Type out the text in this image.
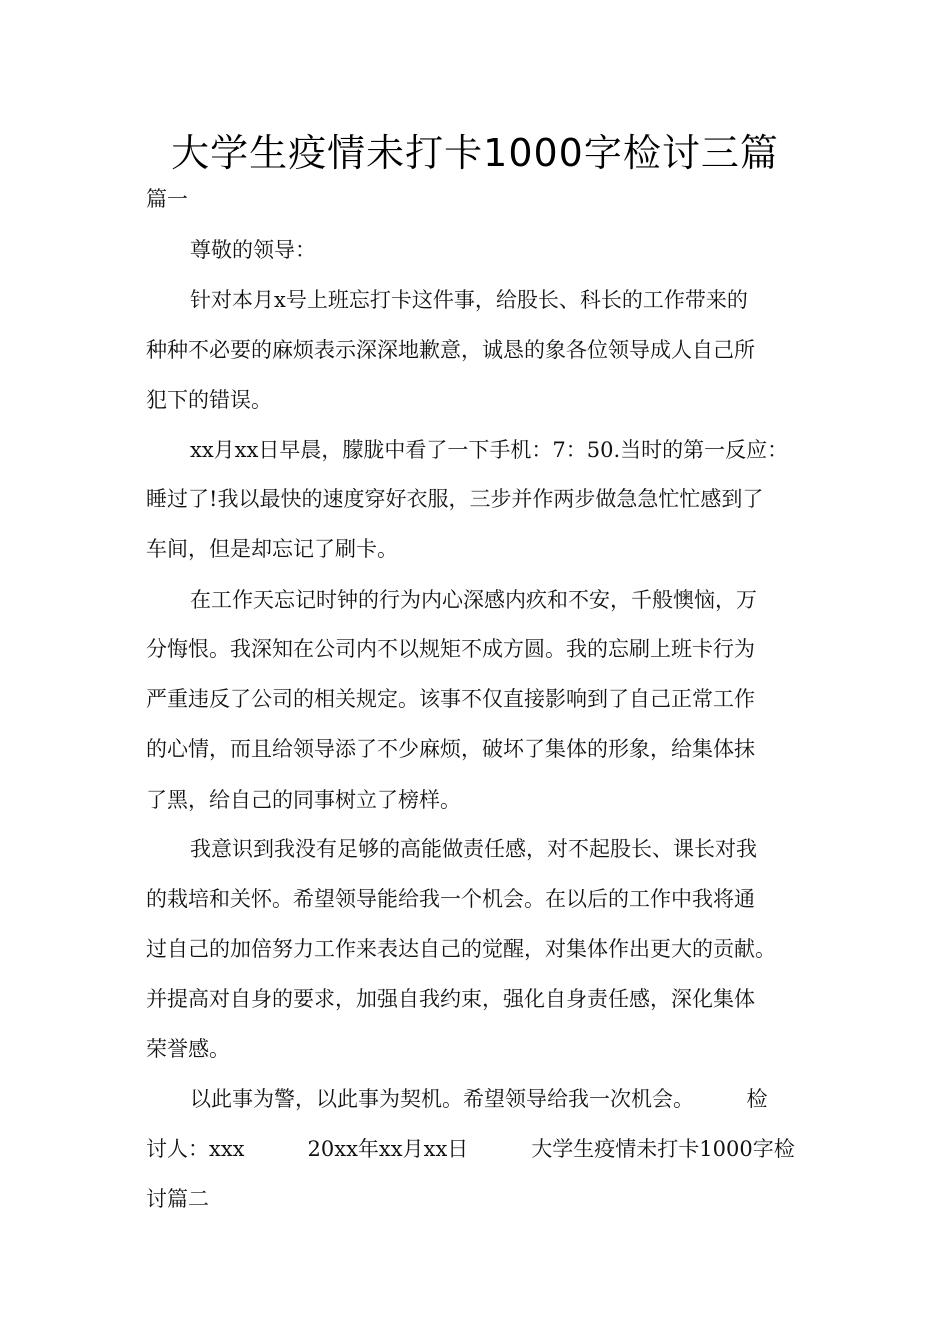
大学生疫情未打卡1000字检讨三篇
篇一
尊敬的领导：
针对本月x号上班忘打卡这件事，给股长、科长的工作带来的
种种不必要的麻烦表示深深地歉意，诚恳的象各位领导成人自己所
犯下的错误。
xx月xx日早晨，朦胧中看了一下手机：7：50.当时的第一反应：
睡过了!我以最快的速度穿好衣服，三步并作两步做急急忙忙感到了
车间，但是却忘记了刷卡。
在工作天忘记时钟的行为内心深感内疚和不安，千般懊恼，万
分悔恨。我深知在公司内不以规矩不成方圆。我的忘刷上班卡行为
严重违反了公司的相关规定。该事不仅直接影响到了自己正常工作
的心情，而且给领导添了不少麻烦，破坏了集体的形象，给集体抹
了黑，给自己的同事树立了榜样。
我意识到我没有足够的高能做责任感，对不起股长、课长对我
的栽培和关怀。希望领导能给我一个机会。在以后的工作中我将通
过自己的加倍努力工作来表达自己的觉醒，对集体作出更大的贡献。
并提高对自身的要求，加强自我约束，强化自身责任感，深化集体
荣誉感。
以此事为警，以此事为契机。希望领导给我一次机会。　　　检
讨人：xxx　　　20xx年xx月xx日　　　大学生疫情未打卡1000字检
讨篇二
